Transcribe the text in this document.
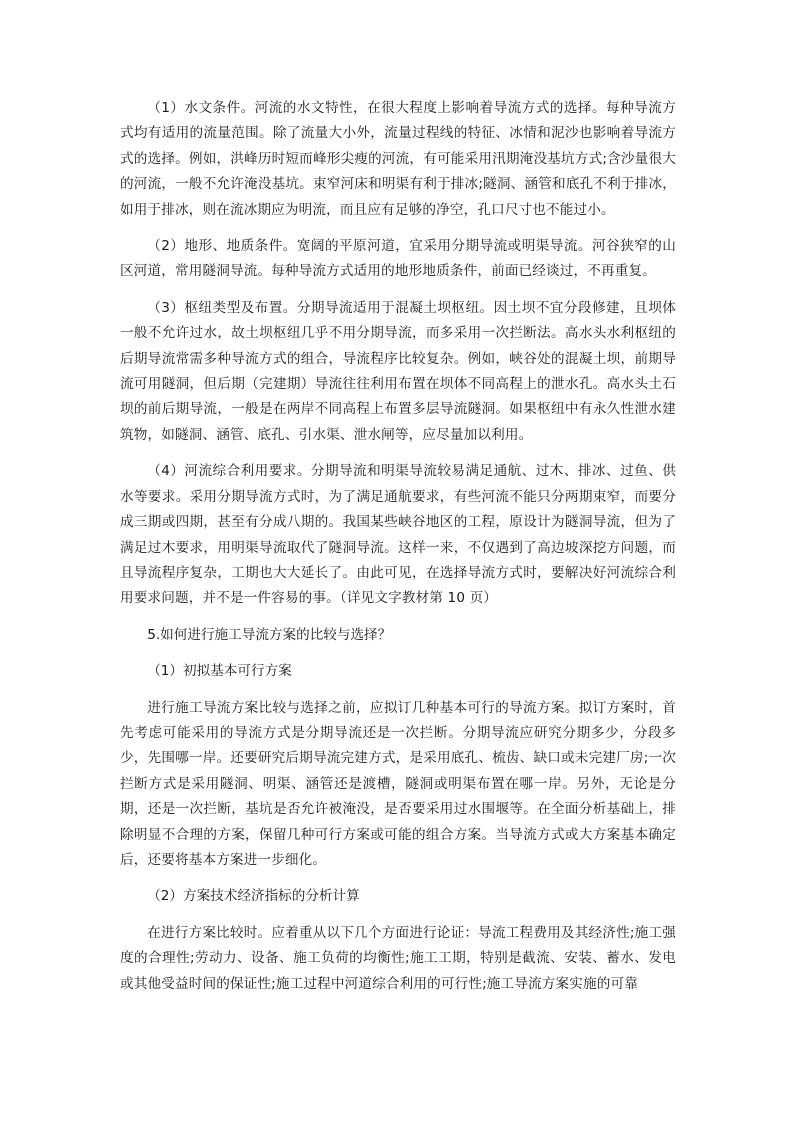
（1）水文条件。河流的水文特性，在很大程度上影响着导流方式的选择。每种导流方式均有适用的流量范围。除了流量大小外，流量过程线的特征、冰情和泥沙也影响着导流方式的选择。例如，洪峰历时短而峰形尖瘦的河流，有可能采用汛期淹没基坑方式;含沙量很大的河流，一般不允许淹没基坑。束窄河床和明渠有利于排冰;隧洞、涵管和底孔不利于排冰，如用于排冰，则在流冰期应为明流，而且应有足够的净空，孔口尺寸也不能过小。

（2）地形、地质条件。宽阔的平原河道，宜采用分期导流或明渠导流。河谷狭窄的山区河道，常用隧洞导流。每种导流方式适用的地形地质条件，前面已经谈过，不再重复。

（3）枢纽类型及布置。分期导流适用于混凝土坝枢纽。因土坝不宜分段修建，且坝体一般不允许过水，故土坝枢纽几乎不用分期导流，而多采用一次拦断法。高水头水利枢纽的后期导流常需多种导流方式的组合，导流程序比较复杂。例如，峡谷处的混凝土坝，前期导流可用隧洞，但后期（完建期）导流往往利用布置在坝体不同高程上的泄水孔。高水头土石坝的前后期导流，一般是在两岸不同高程上布置多层导流隧洞。如果枢纽中有永久性泄水建筑物，如隧洞、涵管、底孔、引水渠、泄水闸等，应尽量加以利用。

（4）河流综合利用要求。分期导流和明渠导流较易满足通航、过木、排冰、过鱼、供水等要求。采用分期导流方式时，为了满足通航要求，有些河流不能只分两期束窄，而要分成三期或四期，甚至有分成八期的。我国某些峡谷地区的工程，原设计为隧洞导流，但为了满足过木要求，用明渠导流取代了隧洞导流。这样一来，不仅遇到了高边坡深挖方问题，而且导流程序复杂，工期也大大延长了。由此可见，在选择导流方式时，要解决好河流综合利用要求问题，并不是一件容易的事。（详见文字教材第 10 页）

5.如何进行施工导流方案的比较与选择？

（1）初拟基本可行方案

进行施工导流方案比较与选择之前，应拟订几种基本可行的导流方案。拟订方案时，首先考虑可能采用的导流方式是分期导流还是一次拦断。分期导流应研究分期多少，分段多少，先围哪一岸。还要研究后期导流完建方式，是采用底孔、梳齿、缺口或未完建厂房;一次拦断方式是采用隧洞、明渠、涵管还是渡槽，隧洞或明渠布置在哪一岸。另外，无论是分期，还是一次拦断，基坑是否允许被淹没，是否要采用过水围堰等。在全面分析基础上，排除明显不合理的方案，保留几种可行方案或可能的组合方案。当导流方式或大方案基本确定后，还要将基本方案进一步细化。

（2）方案技术经济指标的分析计算

在进行方案比较时。应着重从以下几个方面进行论证：导流工程费用及其经济性;施工强度的合理性;劳动力、设备、施工负荷的均衡性;施工工期，特别是截流、安装、蓄水、发电或其他受益时间的保证性;施工过程中河道综合利用的可行性;施工导流方案实施的可靠
